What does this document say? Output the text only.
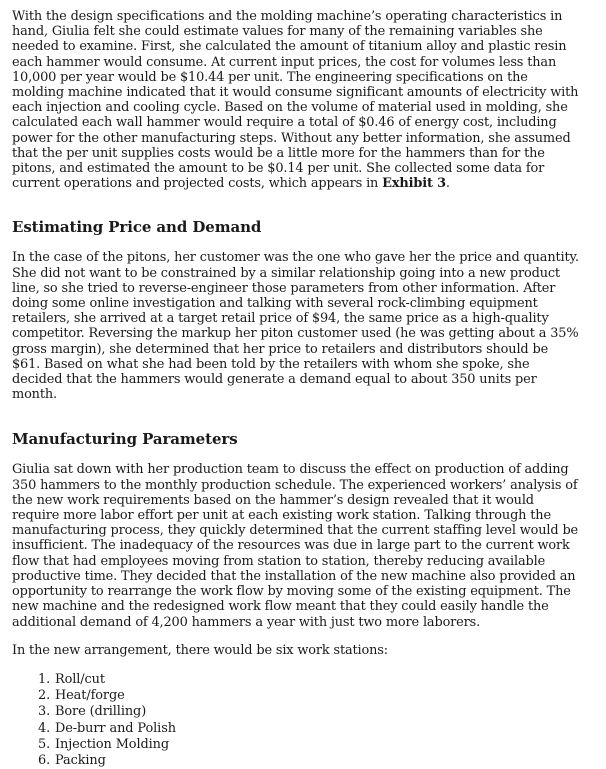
With the design specifications and the molding machine’s operating characteristics in hand, Giulia felt she could estimate values for many of the remaining variables she needed to examine. First, she calculated the amount of titanium alloy and plastic resin each hammer would consume. At current input prices, the cost for volumes less than 10,000 per year would be $10.44 per unit. The engineering specifications on the molding machine indicated that it would consume significant amounts of electricity with each injection and cooling cycle. Based on the volume of material used in molding, she calculated each wall hammer would require a total of $0.46 of energy cost, including power for the other manufacturing steps. Without any better information, she assumed that the per unit supplies costs would be a little more for the hammers than for the pitons, and estimated the amount to be $0.14 per unit. She collected some data for current operations and projected costs, which appears in Exhibit 3.

Estimating Price and Demand

In the case of the pitons, her customer was the one who gave her the price and quantity. She did not want to be constrained by a similar relationship going into a new product line, so she tried to reverse-engineer those parameters from other information. After doing some online investigation and talking with several rock-climbing equipment retailers, she arrived at a target retail price of $94, the same price as a high-quality competitor. Reversing the markup her piton customer used (he was getting about a 35% gross margin), she determined that her price to retailers and distributors should be $61. Based on what she had been told by the retailers with whom she spoke, she decided that the hammers would generate a demand equal to about 350 units per month.

Manufacturing Parameters

Giulia sat down with her production team to discuss the effect on production of adding 350 hammers to the monthly production schedule. The experienced workers’ analysis of the new work requirements based on the hammer’s design revealed that it would require more labor effort per unit at each existing work station. Talking through the manufacturing process, they quickly determined that the current staffing level would be insufficient. The inadequacy of the resources was due in large part to the current work flow that had employees moving from station to station, thereby reducing available productive time. They decided that the installation of the new machine also provided an opportunity to rearrange the work flow by moving some of the existing equipment. The new machine and the redesigned work flow meant that they could easily handle the additional demand of 4,200 hammers a year with just two more laborers.

In the new arrangement, there would be six work stations:

1. Roll/cut
2. Heat/forge
3. Bore (drilling)
4. De-burr and Polish
5. Injection Molding
6. Packing
